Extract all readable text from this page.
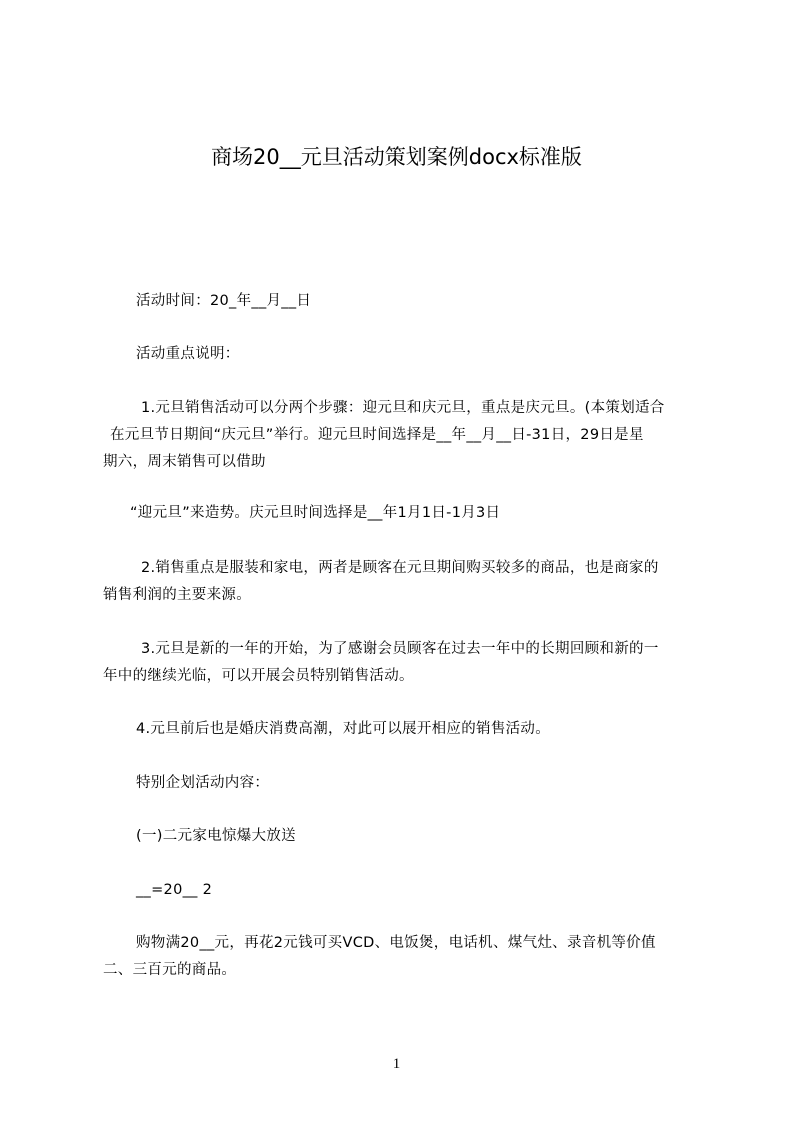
商场20__元旦活动策划案例docx标准版
活动时间：20_年__月__日
活动重点说明：
1.元旦销售活动可以分两个步骤：迎元旦和庆元旦，重点是庆元旦。(本策划适合
在元旦节日期间“庆元旦”举行。迎元旦时间选择是__年__月__日-31日，29日是星
期六，周末销售可以借助
“迎元旦”来造势。庆元旦时间选择是__年1月1日-1月3日
2.销售重点是服装和家电，两者是顾客在元旦期间购买较多的商品，也是商家的
销售利润的主要来源。
3.元旦是新的一年的开始，为了感谢会员顾客在过去一年中的长期回顾和新的一
年中的继续光临，可以开展会员特别销售活动。
4.元旦前后也是婚庆消费高潮，对此可以展开相应的销售活动。
特别企划活动内容：
(一)二元家电惊爆大放送
__=20__ 2
购物满20__元，再花2元钱可买VCD、电饭煲，电话机、煤气灶、录音机等价值
二、三百元的商品。
1
